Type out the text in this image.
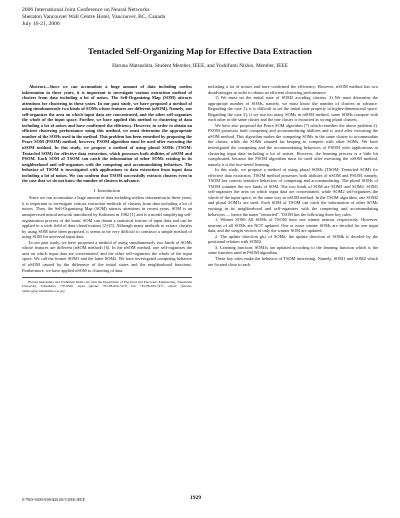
2006 International Joint Conference on Neural Networks
Sheraton Vancouver Wall Centre Hotel, Vancouver, BC, Canada
July 16-21, 2006
Tentacled Self-Organizing Map for Effective Data Extraction
Haruna Matsushita, Student Member, IEEE, and Yoshifumi Nishio, Member, IEEE

Abstract—Since we can accumulate a huge amount of data including useless information in these years, it is important to investigate various extraction method of clusters from data including a lot of noises. The Self-Organizing Map (SOM) attracts attentions for clustering in these years. In our past study, we have proposed a method of using simultaneously two kinds of SOMs whose features are different (nSOM). Namely, one self-organizes the area on which input data are concentrated, and the other self-organizes the whole of the input space. Further, we have applied this method to clustering of data including a lot of noises and have confirmed the efficiency. However, in order to obtain an efficient clustering performance using this method, we must determine the appropriate number of the SOMs used in the method. This problem has been remedied by proposing the Peace SOM (PSOM) method, however, PSOM algorithm must be used after executing the nSOM method. In this study, we propose a method of using plural SOMs (TSOM: Tentacled SOM) for effective data extraction, which possesses both abilities of nSOM and PSOM. Each SOM of TSOM can catch the information of other SOMs existing in its neighborhood and self-organizes with the competing and accommodating behaviors. The behavior of TSOM is investigated with applications to data extraction from input data including a lot of noises. We can confirm that TSOM successfully extracts clusters even in the case that we do not know the number of clusters in advance.

I. Introduction

Since we can accumulate a huge amount of data including useless information in these years, it is important to investigate various extraction methods of clusters from data including a lot of noises. Then, the Self-Organizing Map (SOM) attracts attentions in recent years. SOM is an unsupervised neural network introduced by Kohonen in 1982 [1] and is a model simplifying self-organization process of the brain. SOM can obtain a statistical feature of input data and can be applied to a wide field of data classifications [2]-[5]. Although many methods to extract clusters by using SOM have been proposed, it seems to be very difficult to construct a simple method of using SOM for universal input data.

In our past study, we have proposed a method of using simultaneously two kinds of SOMs whose features are different (nSOM method) [6]. In the nSOM method, one self-organizes the area on which input data are concentrated, and the other self-organizes the whole of the input space. We call the former SOM1 and the latter SOM2. We have investigated competing behavior of nSOM caused by the difference of the initial states and the neighborhood functions. Furthermore, we have applied nSOM to clustering of data

Haruna Matsushita and Yoshifumi Nishio are with the Department of Electrical and Electronic Engineering, Tokushima University, Tokushima, 770-8506, Japan (phone: +81-88-656-7470; fax: +81-88-656-7471; email: {haruna, nishio}@ee.tokushima-u.ac.jp).

including a lot of noises and have confirmed the efficiency. However, nSOM method has two disadvantages in order to obtain an efficient clustering performance:

1) We must set the initial state of SOM2 avoiding clusters. 2) We must determine the appropriate number of SOMs, namely, we must know the number of clusters in advance. Regarding the case 1), it is difficult to set the initial state properly in higher-dimensional space. Regarding the case 2), if we use too many SOMs in nSOM method, some SOMs compete with each other in the same cluster and the one cluster is extracted as wrong plural clusters.

We have also proposed the Peace SOM algorithm [7] which remedies the above problem 2). PSOM possesses both competing and accommodating abilities and is used after executing the nSOM method. This algorithm makes the competing SOMs in the same cluster to accommodate the cluster, while the SOMs situated far keeping to compete with other SOMs. We have investigated the competing and the accommodating behaviors of PSOM with applications to clustering input data including a lot of noises. However, the learning process is a little bit complicated, because the PSOM algorithm must be used after executing the nSOM method, namely it is the two-tiered learning.

In this study, we propose a method of using plural SOMs (TSOM: Tentacled SOM) for effective data extraction. TSOM method possesses both abilities of nSOM and PSOM, namely, TSOM has context sensitive behaviors of competing and accommodating. The plural SOMs of TSOM contains the two kinds of SOM. The two kinds of SOM are SOM1 and SOM2. SOM1 self-organizes the area on which input data are concentrated, while SOM2 self-organizes the whole of the input space, in the same way as nSOM method. In the TSOM algorithm, one SOM2 and plural SOM1s are used. Each SOM of TSOM can catch the information of other SOMs existing in its neighborhood and self-organizes with the competing and accommodating behaviors — hence the name "tentacled". TSOM has the following three key rules.

1. Winner SOM: All SOMs of TSOM have one winner neuron, respectively. However, neurons of all SOMs are NOT updated. One or more winner SOMs are decided for one input data, and the weight vectors of only the winner SOM are updated.

2. The update direction gk,i of SOMk: the update direction of SOMk is decided by the positional relation with SOM2.

3. Learning function: SOM1s are updated according to the learning function which is the same function used in PSOM algorithm.

These key rules make the behavior of TSOM interesting. Namely, SOM1 and SOM2 which are located close to each

0-7803-9490-9/06/$20.00/©2006 IEEE	1929
